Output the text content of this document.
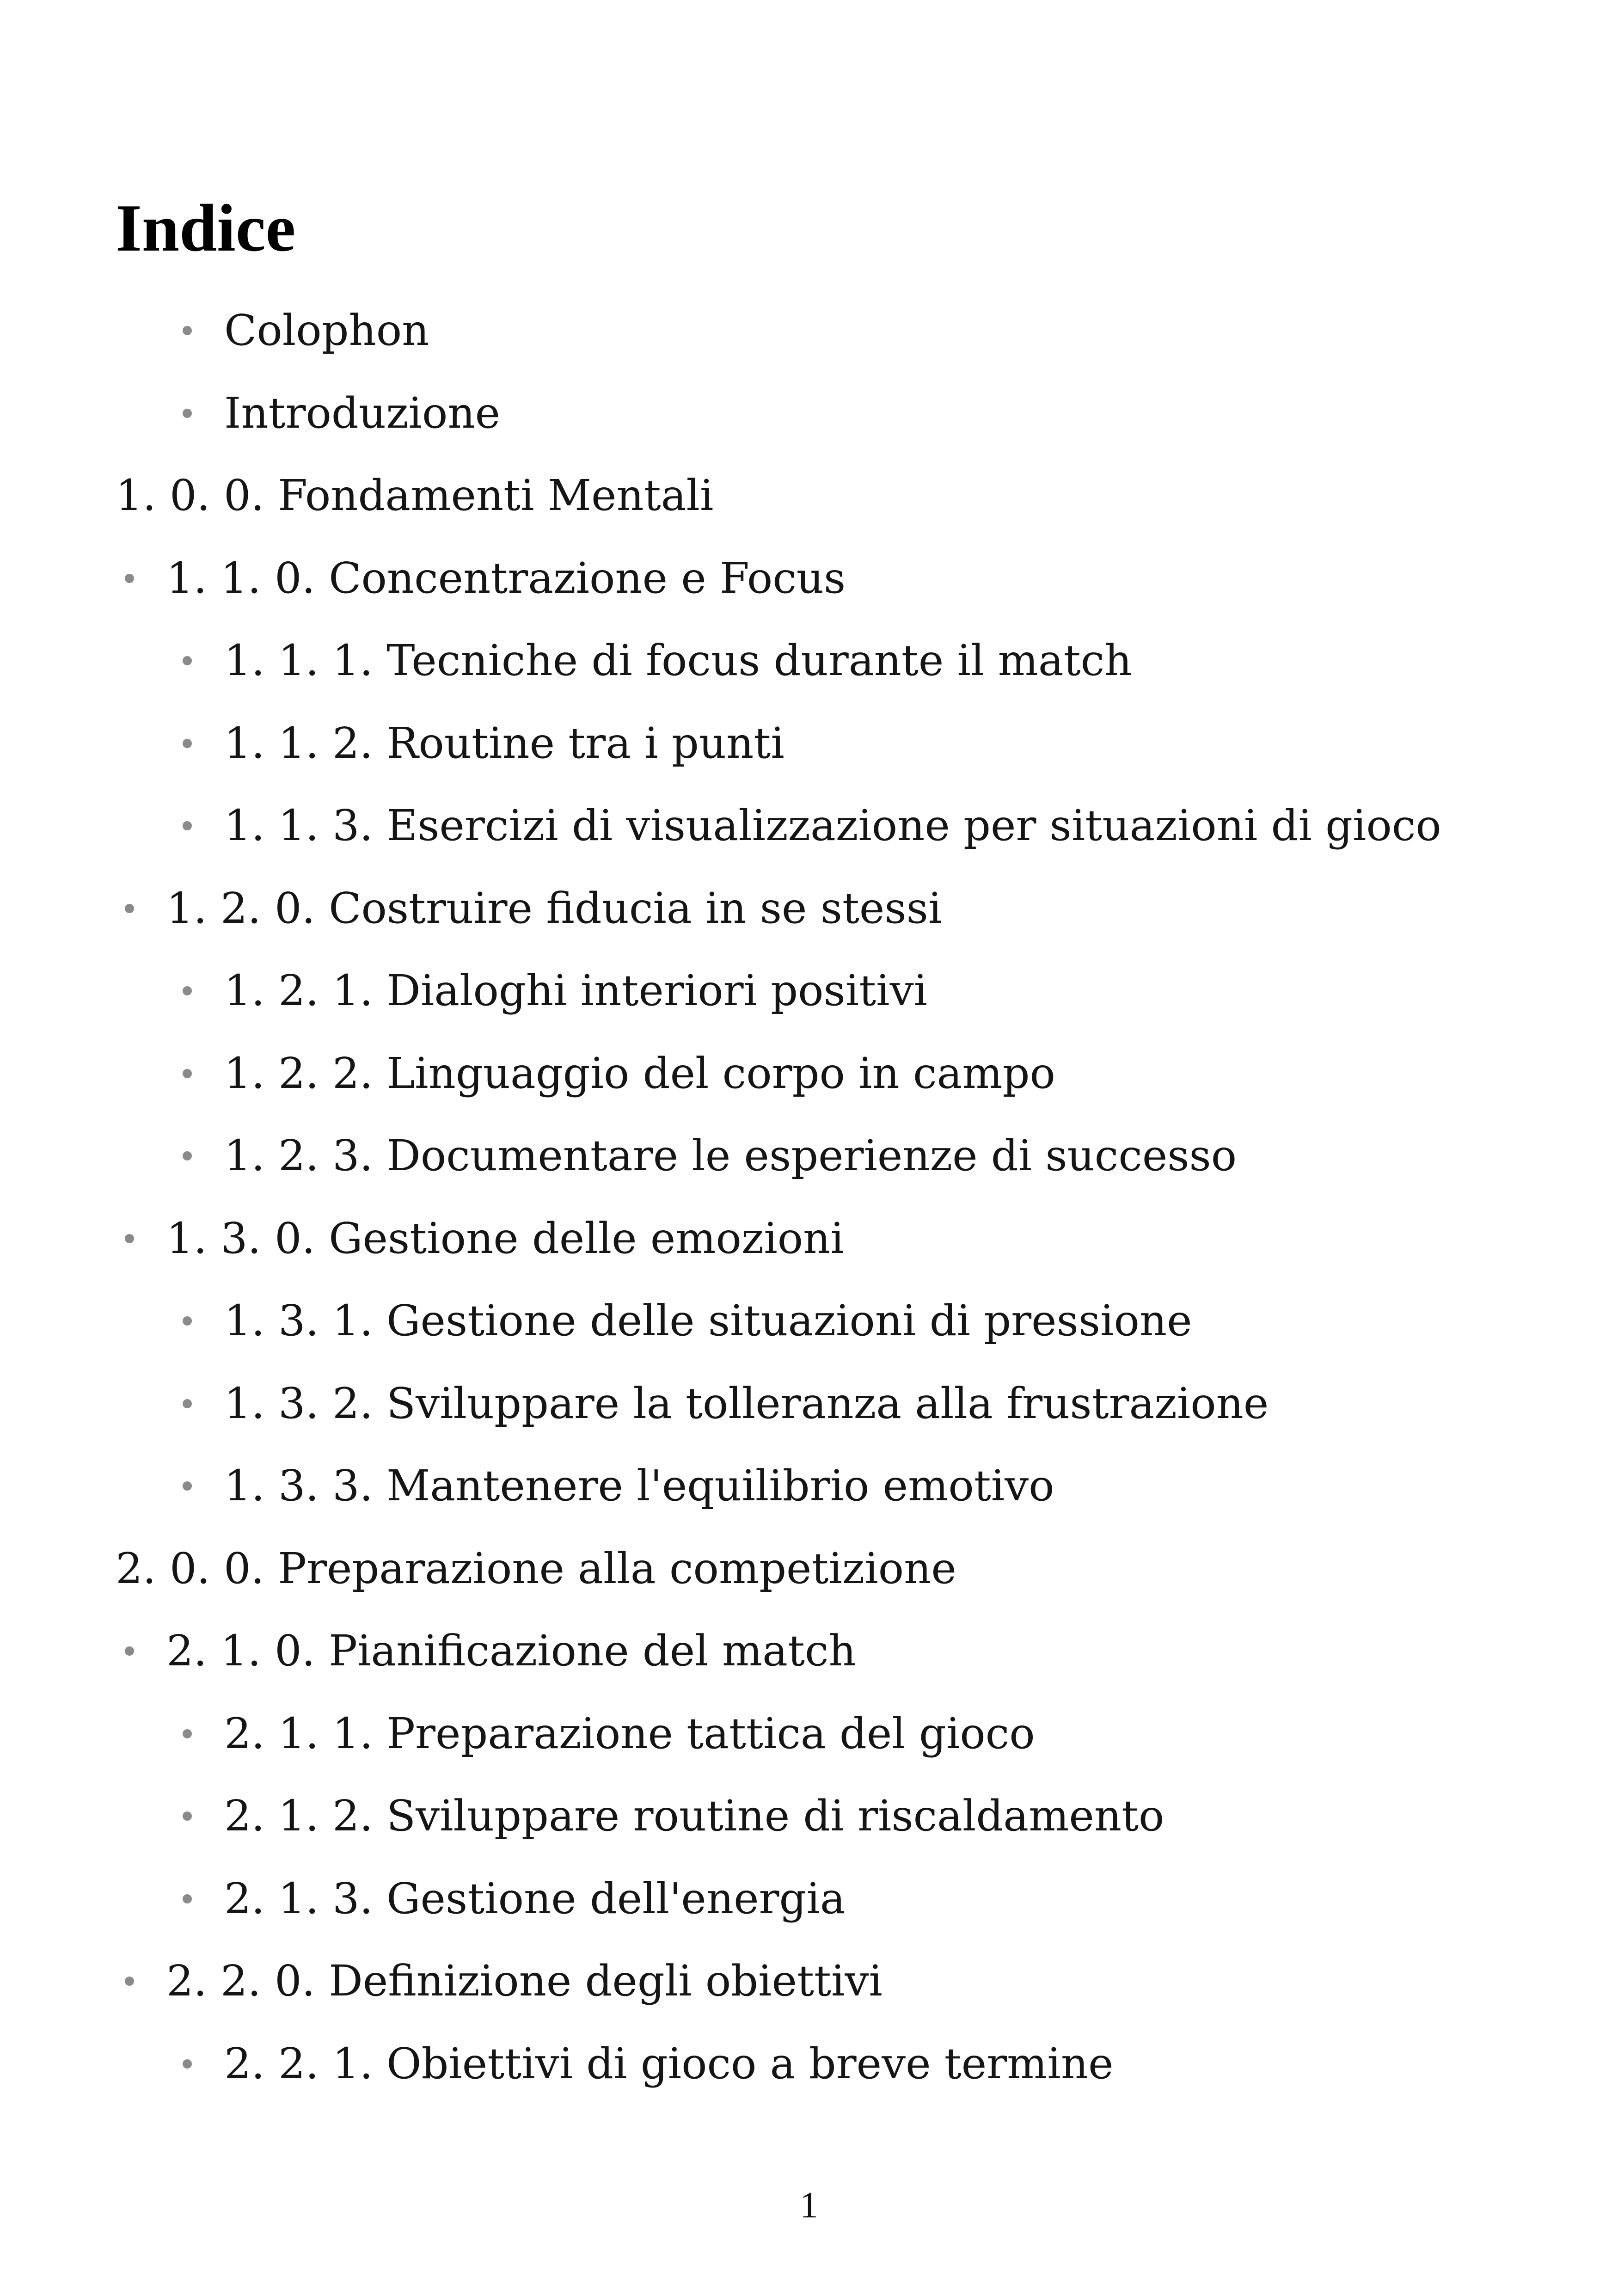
Indice
Colophon
Introduzione
1. 0. 0. Fondamenti Mentali
1. 1. 0. Concentrazione e Focus
1. 1. 1. Tecniche di focus durante il match
1. 1. 2. Routine tra i punti
1. 1. 3. Esercizi di visualizzazione per situazioni di gioco
1. 2. 0. Costruire fiducia in se stessi
1. 2. 1. Dialoghi interiori positivi
1. 2. 2. Linguaggio del corpo in campo
1. 2. 3. Documentare le esperienze di successo
1. 3. 0. Gestione delle emozioni
1. 3. 1. Gestione delle situazioni di pressione
1. 3. 2. Sviluppare la tolleranza alla frustrazione
1. 3. 3. Mantenere l'equilibrio emotivo
2. 0. 0. Preparazione alla competizione
2. 1. 0. Pianificazione del match
2. 1. 1. Preparazione tattica del gioco
2. 1. 2. Sviluppare routine di riscaldamento
2. 1. 3. Gestione dell'energia
2. 2. 0. Definizione degli obiettivi
2. 2. 1. Obiettivi di gioco a breve termine
1
